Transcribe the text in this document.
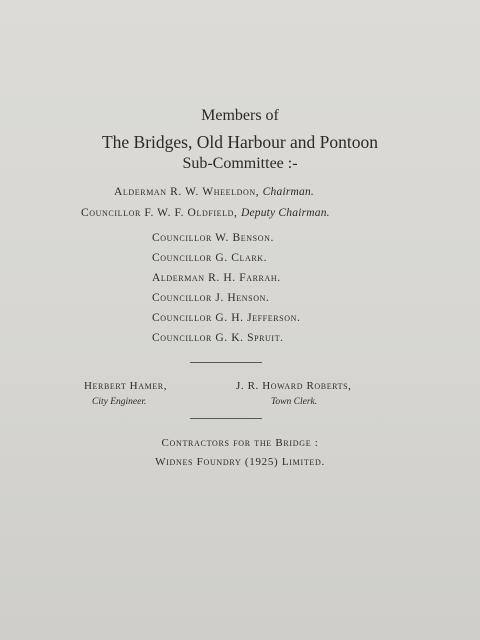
Members of
The Bridges, Old Harbour and Pontoon
Sub-Committee :-
Alderman R. W. Wheeldon, Chairman.
Councillor F. W. F. Oldfield, Deputy Chairman.
Councillor W. Benson.
Councillor G. Clark.
Alderman R. H. Farrah.
Councillor J. Henson.
Councillor G. H. Jefferson.
Councillor G. K. Spruit.
Herbert Hamer,
City Engineer.
J. R. Howard Roberts,
Town Clerk.
Contractors for the Bridge :
Widnes Foundry (1925) Limited.
